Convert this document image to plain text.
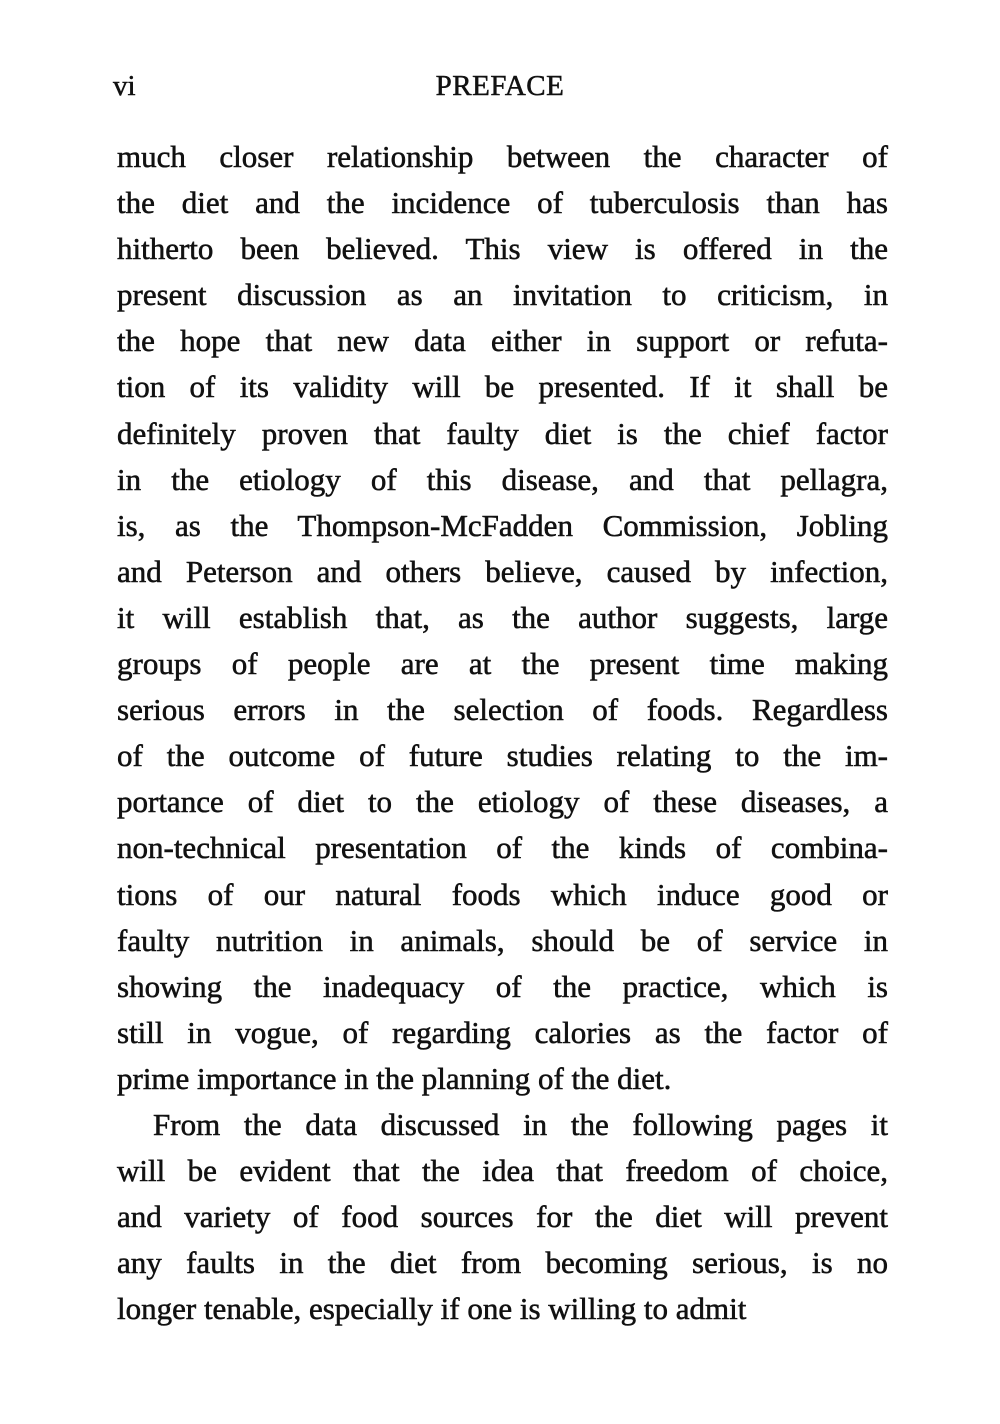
vi	PREFACE
much closer relationship between the character of
the diet and the incidence of tuberculosis than has
hitherto been believed. This view is offered in the
present discussion as an invitation to criticism, in
the hope that new data either in support or refuta-
tion of its validity will be presented. If it shall be
definitely proven that faulty diet is the chief factor
in the etiology of this disease, and that pellagra,
is, as the Thompson-McFadden Commission, Jobling
and Peterson and others believe, caused by infection,
it will establish that, as the author suggests, large
groups of people are at the present time making
serious errors in the selection of foods. Regardless
of the outcome of future studies relating to the im-
portance of diet to the etiology of these diseases, a
non-technical presentation of the kinds of combina-
tions of our natural foods which induce good or
faulty nutrition in animals, should be of service in
showing the inadequacy of the practice, which is
still in vogue, of regarding calories as the factor of
prime importance in the planning of the diet.
From the data discussed in the following pages it
will be evident that the idea that freedom of choice,
and variety of food sources for the diet will prevent
any faults in the diet from becoming serious, is no
longer tenable, especially if one is willing to admit
